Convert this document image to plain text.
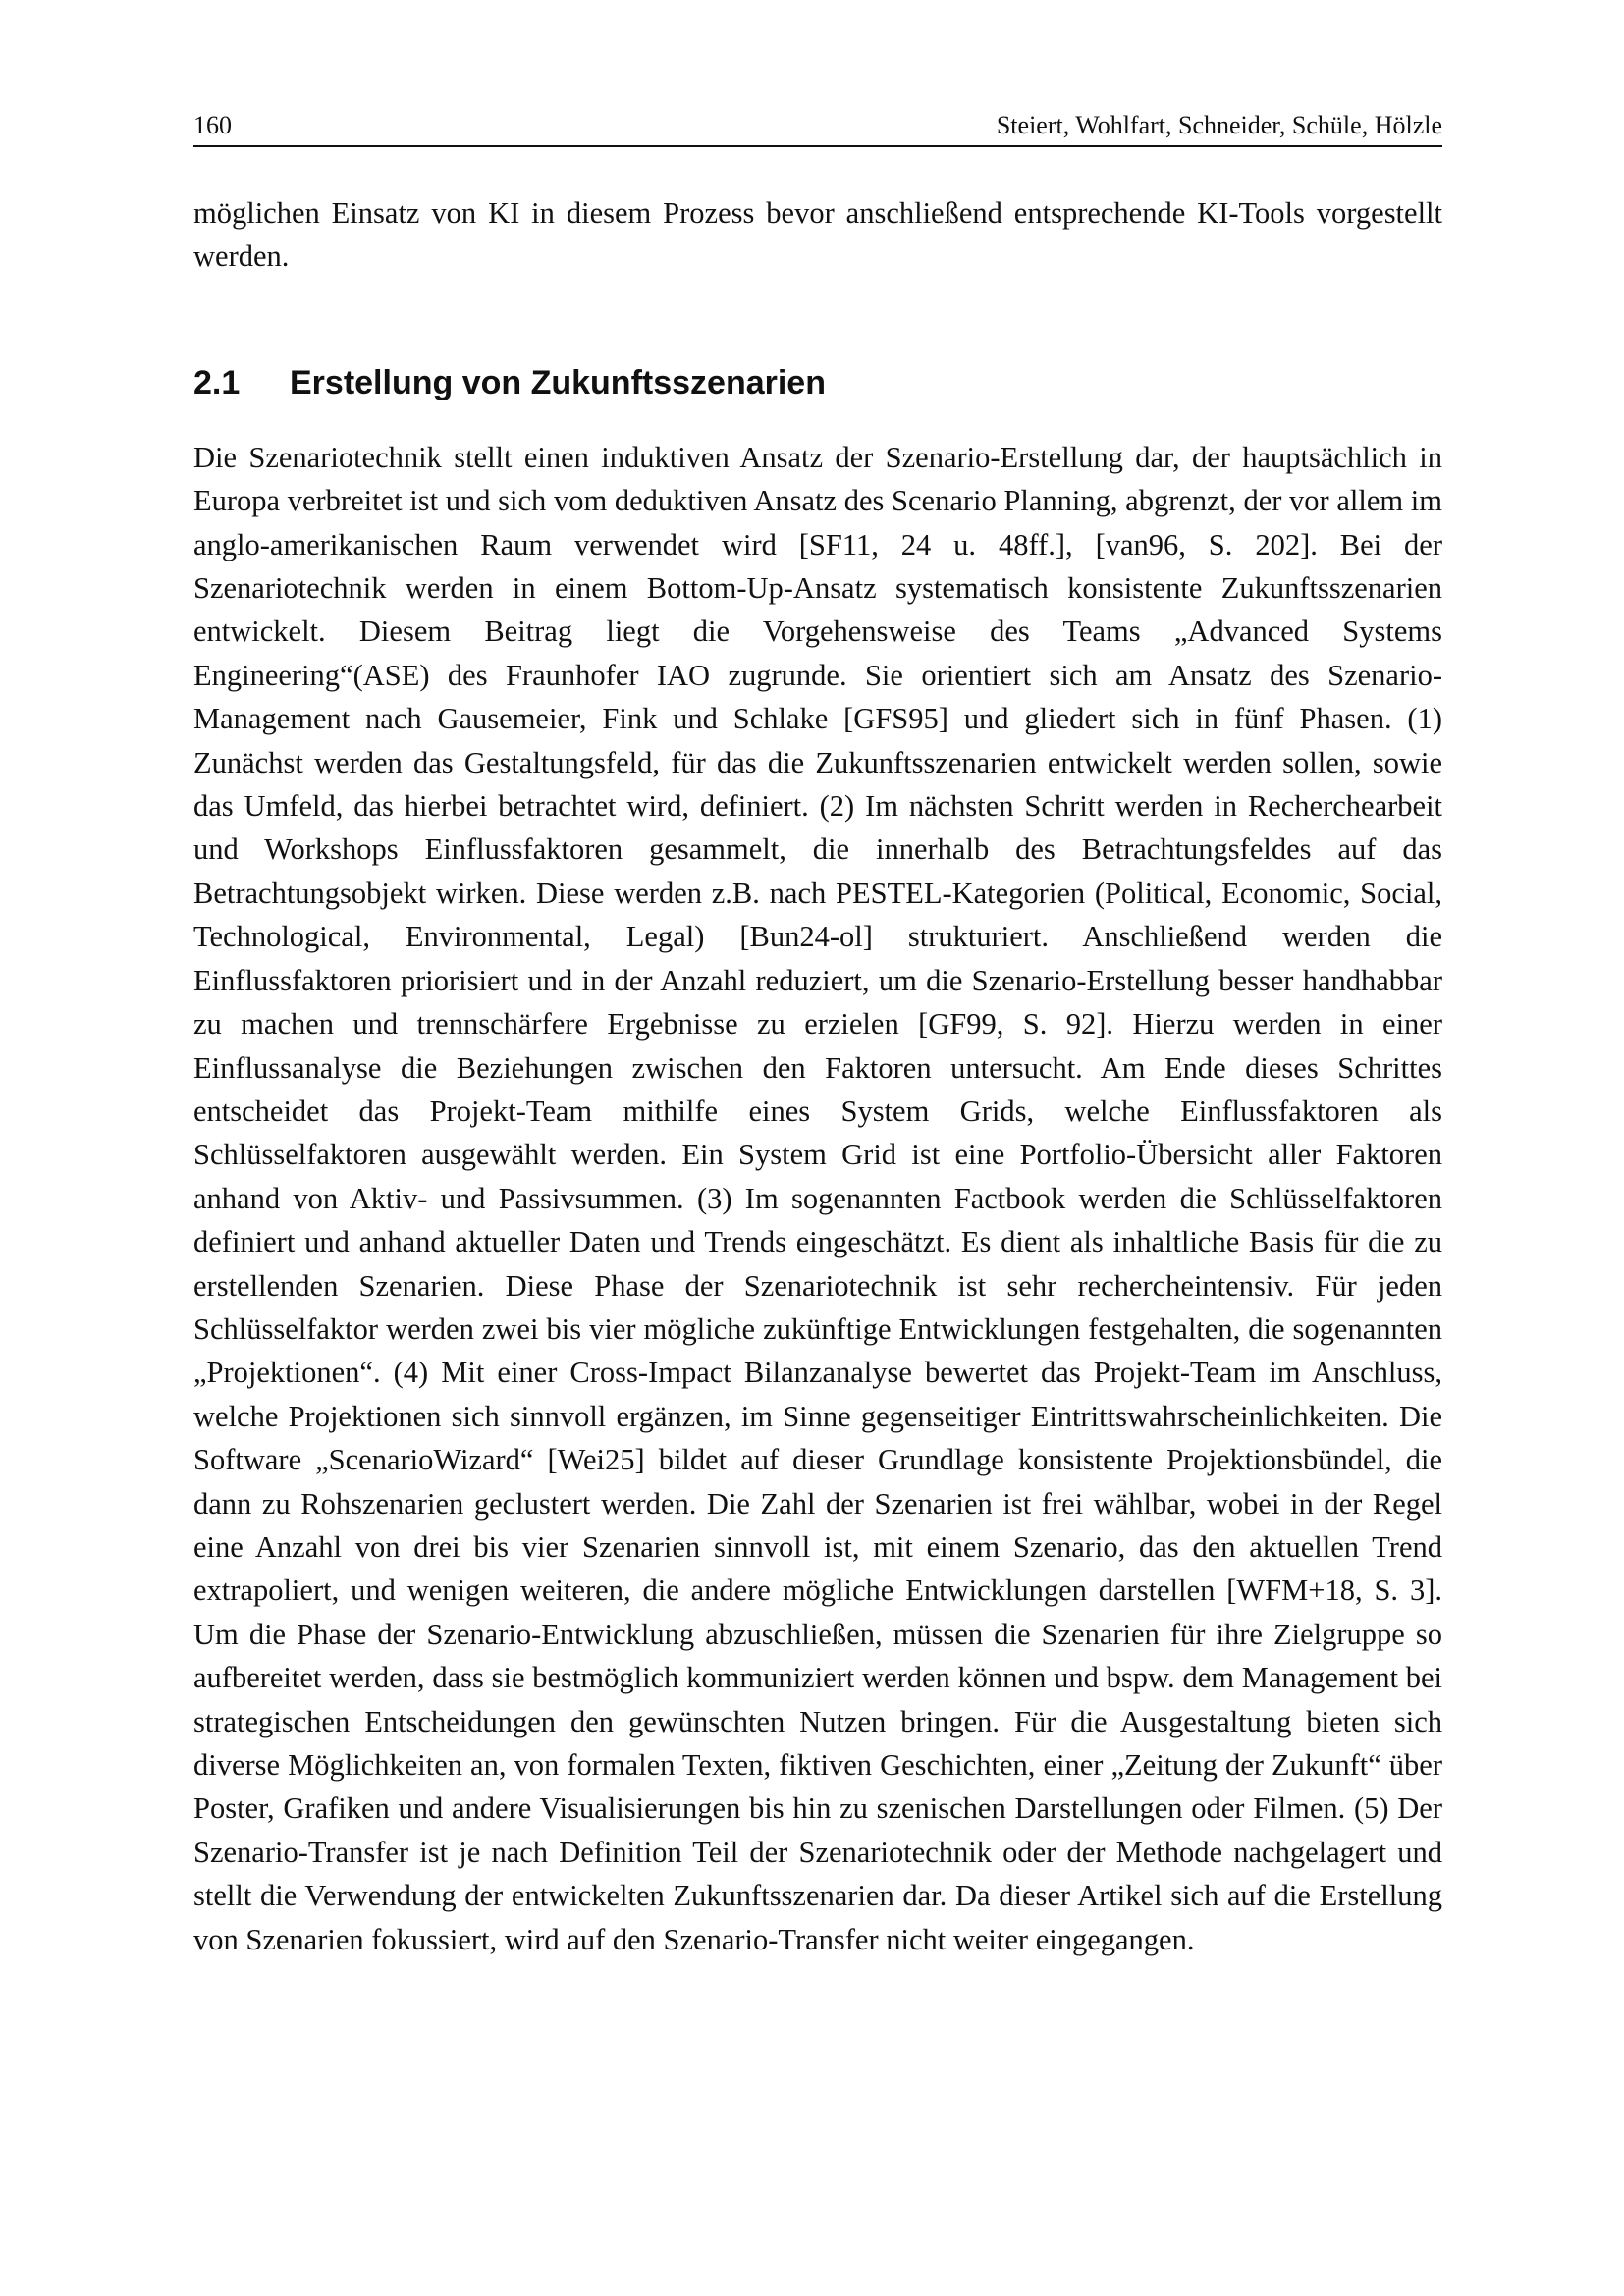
160	Steiert, Wohlfart, Schneider, Schüle, Hölzle

möglichen Einsatz von KI in diesem Prozess bevor anschließend entsprechende KI-Tools vorgestellt werden.

2.1 Erstellung von Zukunftsszenarien

Die Szenariotechnik stellt einen induktiven Ansatz der Szenario-Erstellung dar, der hauptsächlich in Europa verbreitet ist und sich vom deduktiven Ansatz des Scenario Planning, abgrenzt, der vor allem im anglo-amerikanischen Raum verwendet wird [SF11, 24 u. 48ff.], [van96, S. 202]. Bei der Szenariotechnik werden in einem Bottom-Up-Ansatz systematisch konsistente Zukunftsszenarien entwickelt. Diesem Beitrag liegt die Vorgehensweise des Teams „Advanced Systems Engineering“(ASE) des Fraunhofer IAO zugrunde. Sie orientiert sich am Ansatz des Szenario-Management nach Gausemeier, Fink und Schlake [GFS95] und gliedert sich in fünf Phasen. (1) Zunächst werden das Gestaltungsfeld, für das die Zukunftsszenarien entwickelt werden sollen, sowie das Umfeld, das hierbei betrachtet wird, definiert. (2) Im nächsten Schritt werden in Recherchearbeit und Workshops Einflussfaktoren gesammelt, die innerhalb des Betrachtungsfeldes auf das Betrachtungsobjekt wirken. Diese werden z.B. nach PESTEL-Kategorien (Political, Economic, Social, Technological, Environmental, Legal) [Bun24-ol] strukturiert. Anschließend werden die Einflussfaktoren priorisiert und in der Anzahl reduziert, um die Szenario-Erstellung besser handhabbar zu machen und trennschärfere Ergebnisse zu erzielen [GF99, S. 92]. Hierzu werden in einer Einflussanalyse die Beziehungen zwischen den Faktoren untersucht. Am Ende dieses Schrittes entscheidet das Projekt-Team mithilfe eines System Grids, welche Einflussfaktoren als Schlüsselfaktoren ausgewählt werden. Ein System Grid ist eine Portfolio-Übersicht aller Faktoren anhand von Aktiv- und Passivsummen. (3) Im sogenannten Factbook werden die Schlüsselfaktoren definiert und anhand aktueller Daten und Trends eingeschätzt. Es dient als inhaltliche Basis für die zu erstellenden Szenarien. Diese Phase der Szenariotechnik ist sehr rechercheintensiv. Für jeden Schlüsselfaktor werden zwei bis vier mögliche zukünftige Entwicklungen festgehalten, die sogenannten „Projektionen“. (4) Mit einer Cross-Impact Bilanzanalyse bewertet das Projekt-Team im Anschluss, welche Projektionen sich sinnvoll ergänzen, im Sinne gegenseitiger Eintrittswahrscheinlichkeiten. Die Software „ScenarioWizard“ [Wei25] bildet auf dieser Grundlage konsistente Projektionsbündel, die dann zu Rohszenarien geclustert werden. Die Zahl der Szenarien ist frei wählbar, wobei in der Regel eine Anzahl von drei bis vier Szenarien sinnvoll ist, mit einem Szenario, das den aktuellen Trend extrapoliert, und wenigen weiteren, die andere mögliche Entwicklungen darstellen [WFM+18, S. 3]. Um die Phase der Szenario-Entwicklung abzuschließen, müssen die Szenarien für ihre Zielgruppe so aufbereitet werden, dass sie bestmöglich kommuniziert werden können und bspw. dem Management bei strategischen Entscheidungen den gewünschten Nutzen bringen. Für die Ausgestaltung bieten sich diverse Möglichkeiten an, von formalen Texten, fiktiven Geschichten, einer „Zeitung der Zukunft“ über Poster, Grafiken und andere Visualisierungen bis hin zu szenischen Darstellungen oder Filmen. (5) Der Szenario-Transfer ist je nach Definition Teil der Szenariotechnik oder der Methode nachgelagert und stellt die Verwendung der entwickelten Zukunftsszenarien dar. Da dieser Artikel sich auf die Erstellung von Szenarien fokussiert, wird auf den Szenario-Transfer nicht weiter eingegangen.
